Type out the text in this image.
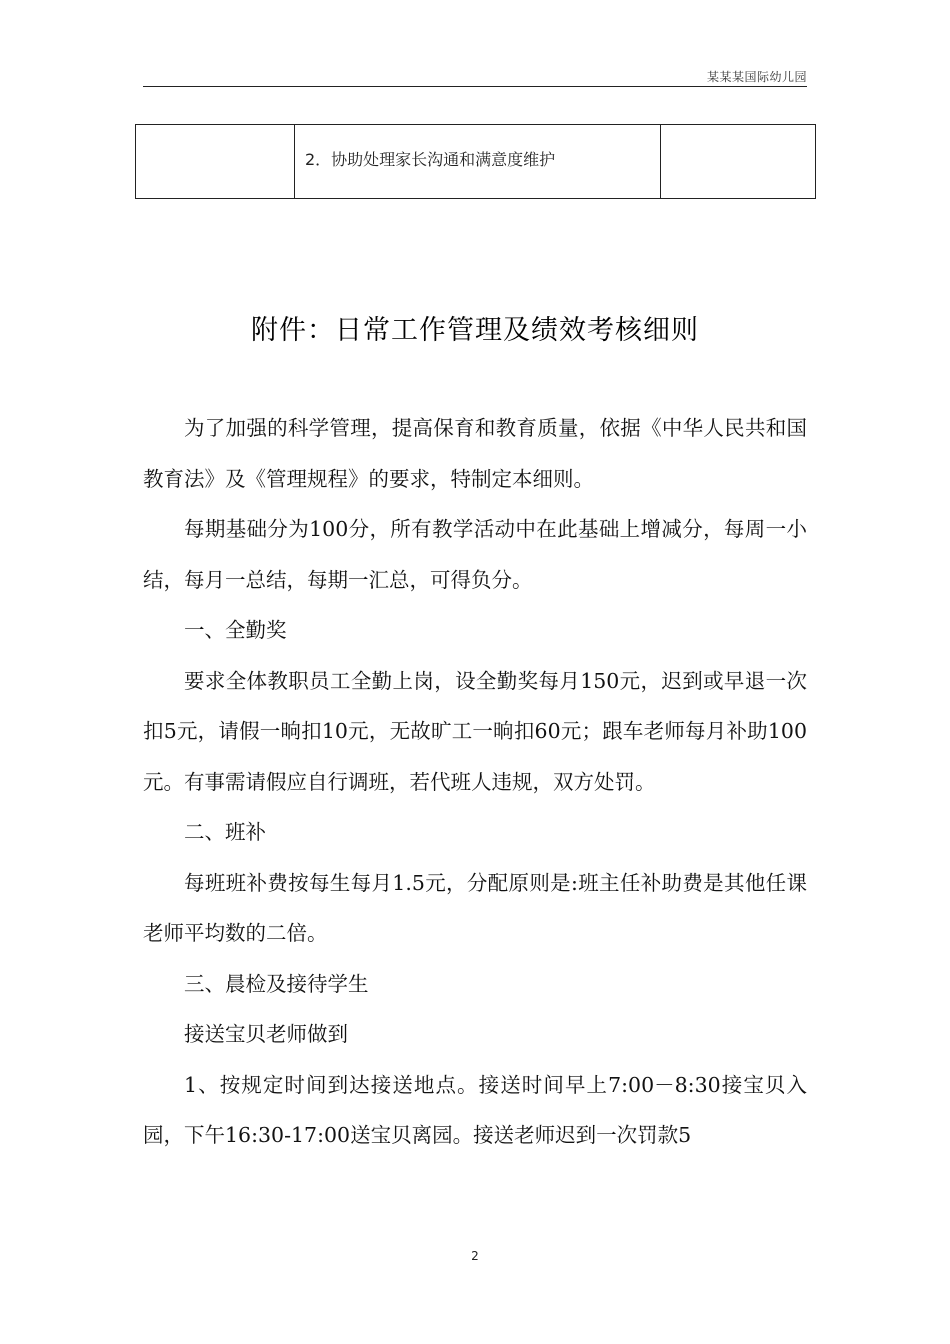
某某某国际幼儿园

2．协助处理家长沟通和满意度维护

附件：日常工作管理及绩效考核细则

为了加强的科学管理，提高保育和教育质量，依据《中华人民共和国教育法》及《管理规程》的要求，特制定本细则。

每期基础分为100分，所有教学活动中在此基础上增减分，每周一小结，每月一总结，每期一汇总，可得负分。

一、全勤奖

要求全体教职员工全勤上岗，设全勤奖每月150元，迟到或早退一次扣5元，请假一晌扣10元，无故旷工一晌扣60元；跟车老师每月补助100元。有事需请假应自行调班，若代班人违规，双方处罚。

二、班补

每班班补费按每生每月1.5元，分配原则是:班主任补助费是其他任课老师平均数的二倍。

三、晨检及接待学生

接送宝贝老师做到

1、按规定时间到达接送地点。接送时间早上7:00－8:30接宝贝入园，下午16:30-17:00送宝贝离园。接送老师迟到一次罚款5

2
